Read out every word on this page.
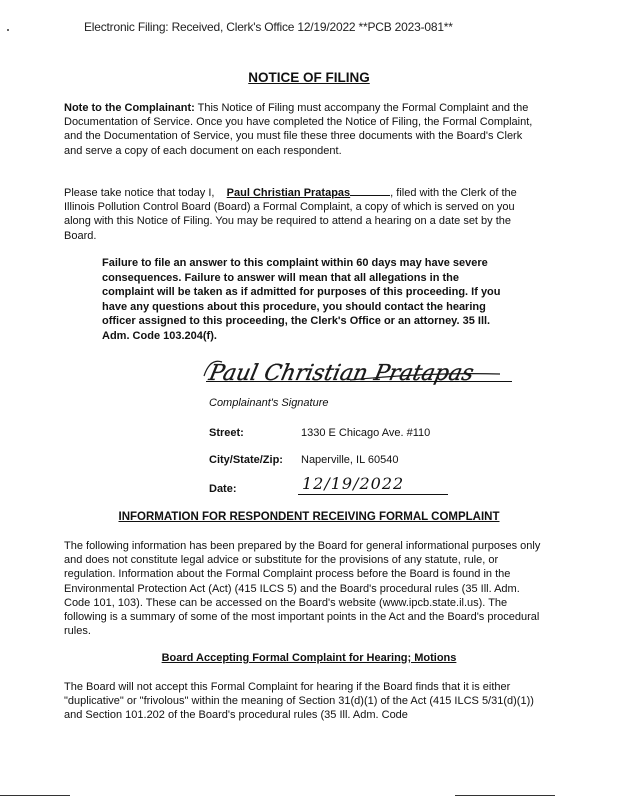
Electronic Filing: Received, Clerk's Office 12/19/2022 **PCB 2023-081**
NOTICE OF FILING
Note to the Complainant: This Notice of Filing must accompany the Formal Complaint and the Documentation of Service. Once you have completed the Notice of Filing, the Formal Complaint, and the Documentation of Service, you must file these three documents with the Board's Clerk and serve a copy of each document on each respondent.
Please take notice that today I, Paul Christian Pratapas	, filed with the Clerk of the Illinois Pollution Control Board (Board) a Formal Complaint, a copy of which is served on you along with this Notice of Filing. You may be required to attend a hearing on a date set by the Board.
Failure to file an answer to this complaint within 60 days may have severe consequences. Failure to answer will mean that all allegations in the complaint will be taken as if admitted for purposes of this proceeding. If you have any questions about this procedure, you should contact the hearing officer assigned to this proceeding, the Clerk's Office or an attorney. 35 Ill. Adm. Code 103.204(f).
Paul Christian Pratapas
Complainant's Signature
Street:	1330 E Chicago Ave. #110
City/State/Zip: Naperville, IL 60540
Date:	12/19/2022
INFORMATION FOR RESPONDENT RECEIVING FORMAL COMPLAINT
The following information has been prepared by the Board for general informational purposes only and does not constitute legal advice or substitute for the provisions of any statute, rule, or regulation. Information about the Formal Complaint process before the Board is found in the Environmental Protection Act (Act) (415 ILCS 5) and the Board's procedural rules (35 Ill. Adm. Code 101, 103). These can be accessed on the Board's website (www.ipcb.state.il.us). The following is a summary of some of the most important points in the Act and the Board's procedural rules.
Board Accepting Formal Complaint for Hearing; Motions
The Board will not accept this Formal Complaint for hearing if the Board finds that it is either "duplicative" or "frivolous" within the meaning of Section 31(d)(1) of the Act (415 ILCS 5/31(d)(1)) and Section 101.202 of the Board's procedural rules (35 Ill. Adm. Code
